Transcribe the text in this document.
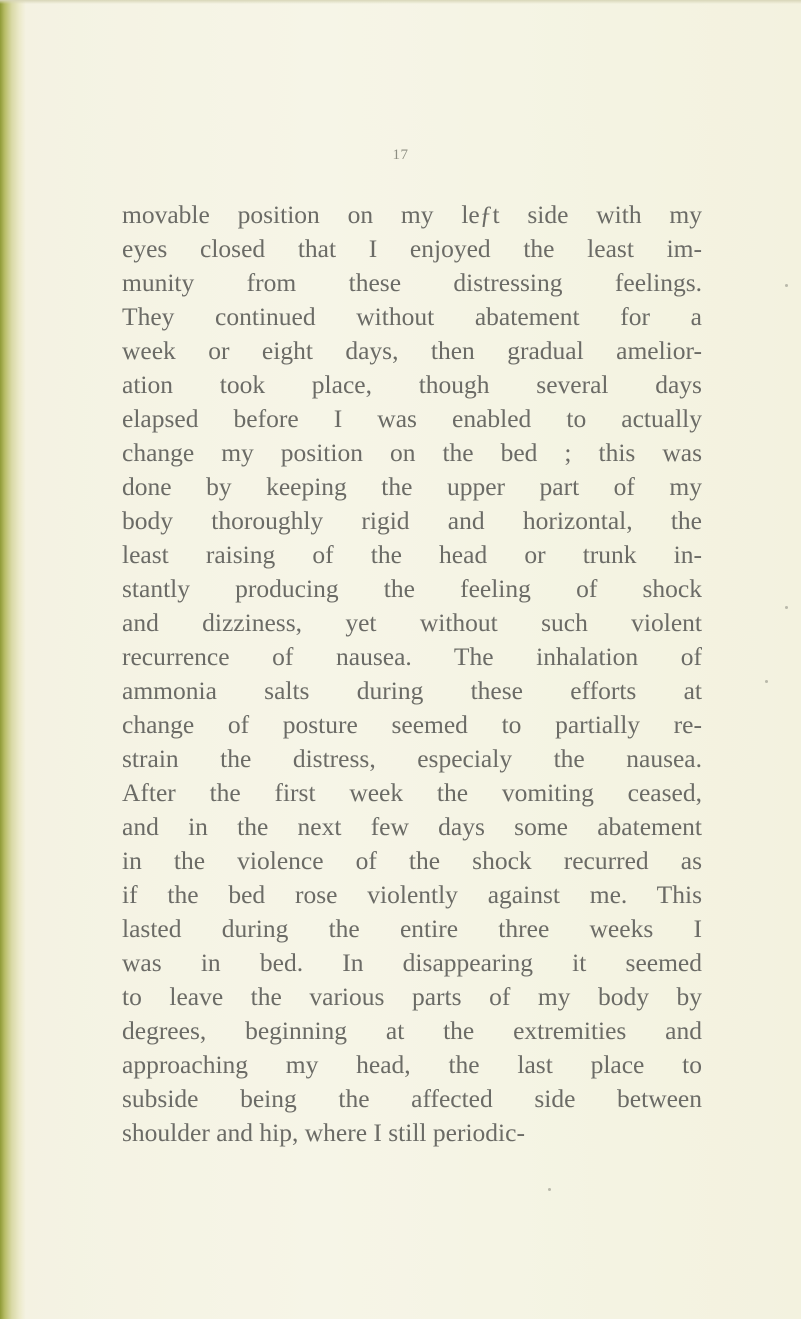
17
movable position on my leƒt side with my
eyes closed that I enjoyed the least im-
munity from these distressing feelings.
They continued without abatement for a
week or eight days, then gradual amelior-
ation took place, though several days
elapsed before I was enabled to actually
change my position on the bed ; this was
done by keeping the upper part of my
body thoroughly rigid and horizontal, the
least raising of the head or trunk in-
stantly producing the feeling of shock
and dizziness, yet without such violent
recurrence of nausea. The inhalation of
ammonia salts during these efforts at
change of posture seemed to partially re-
strain the distress, especialy the nausea.
After the first week the vomiting ceased,
and in the next few days some abatement
in the violence of the shock recurred as
if the bed rose violently against me. This
lasted during the entire three weeks I
was in bed. In disappearing it seemed
to leave the various parts of my body by
degrees, beginning at the extremities and
approaching my head, the last place to
subside being the affected side between
shoulder and hip, where I still periodic-
